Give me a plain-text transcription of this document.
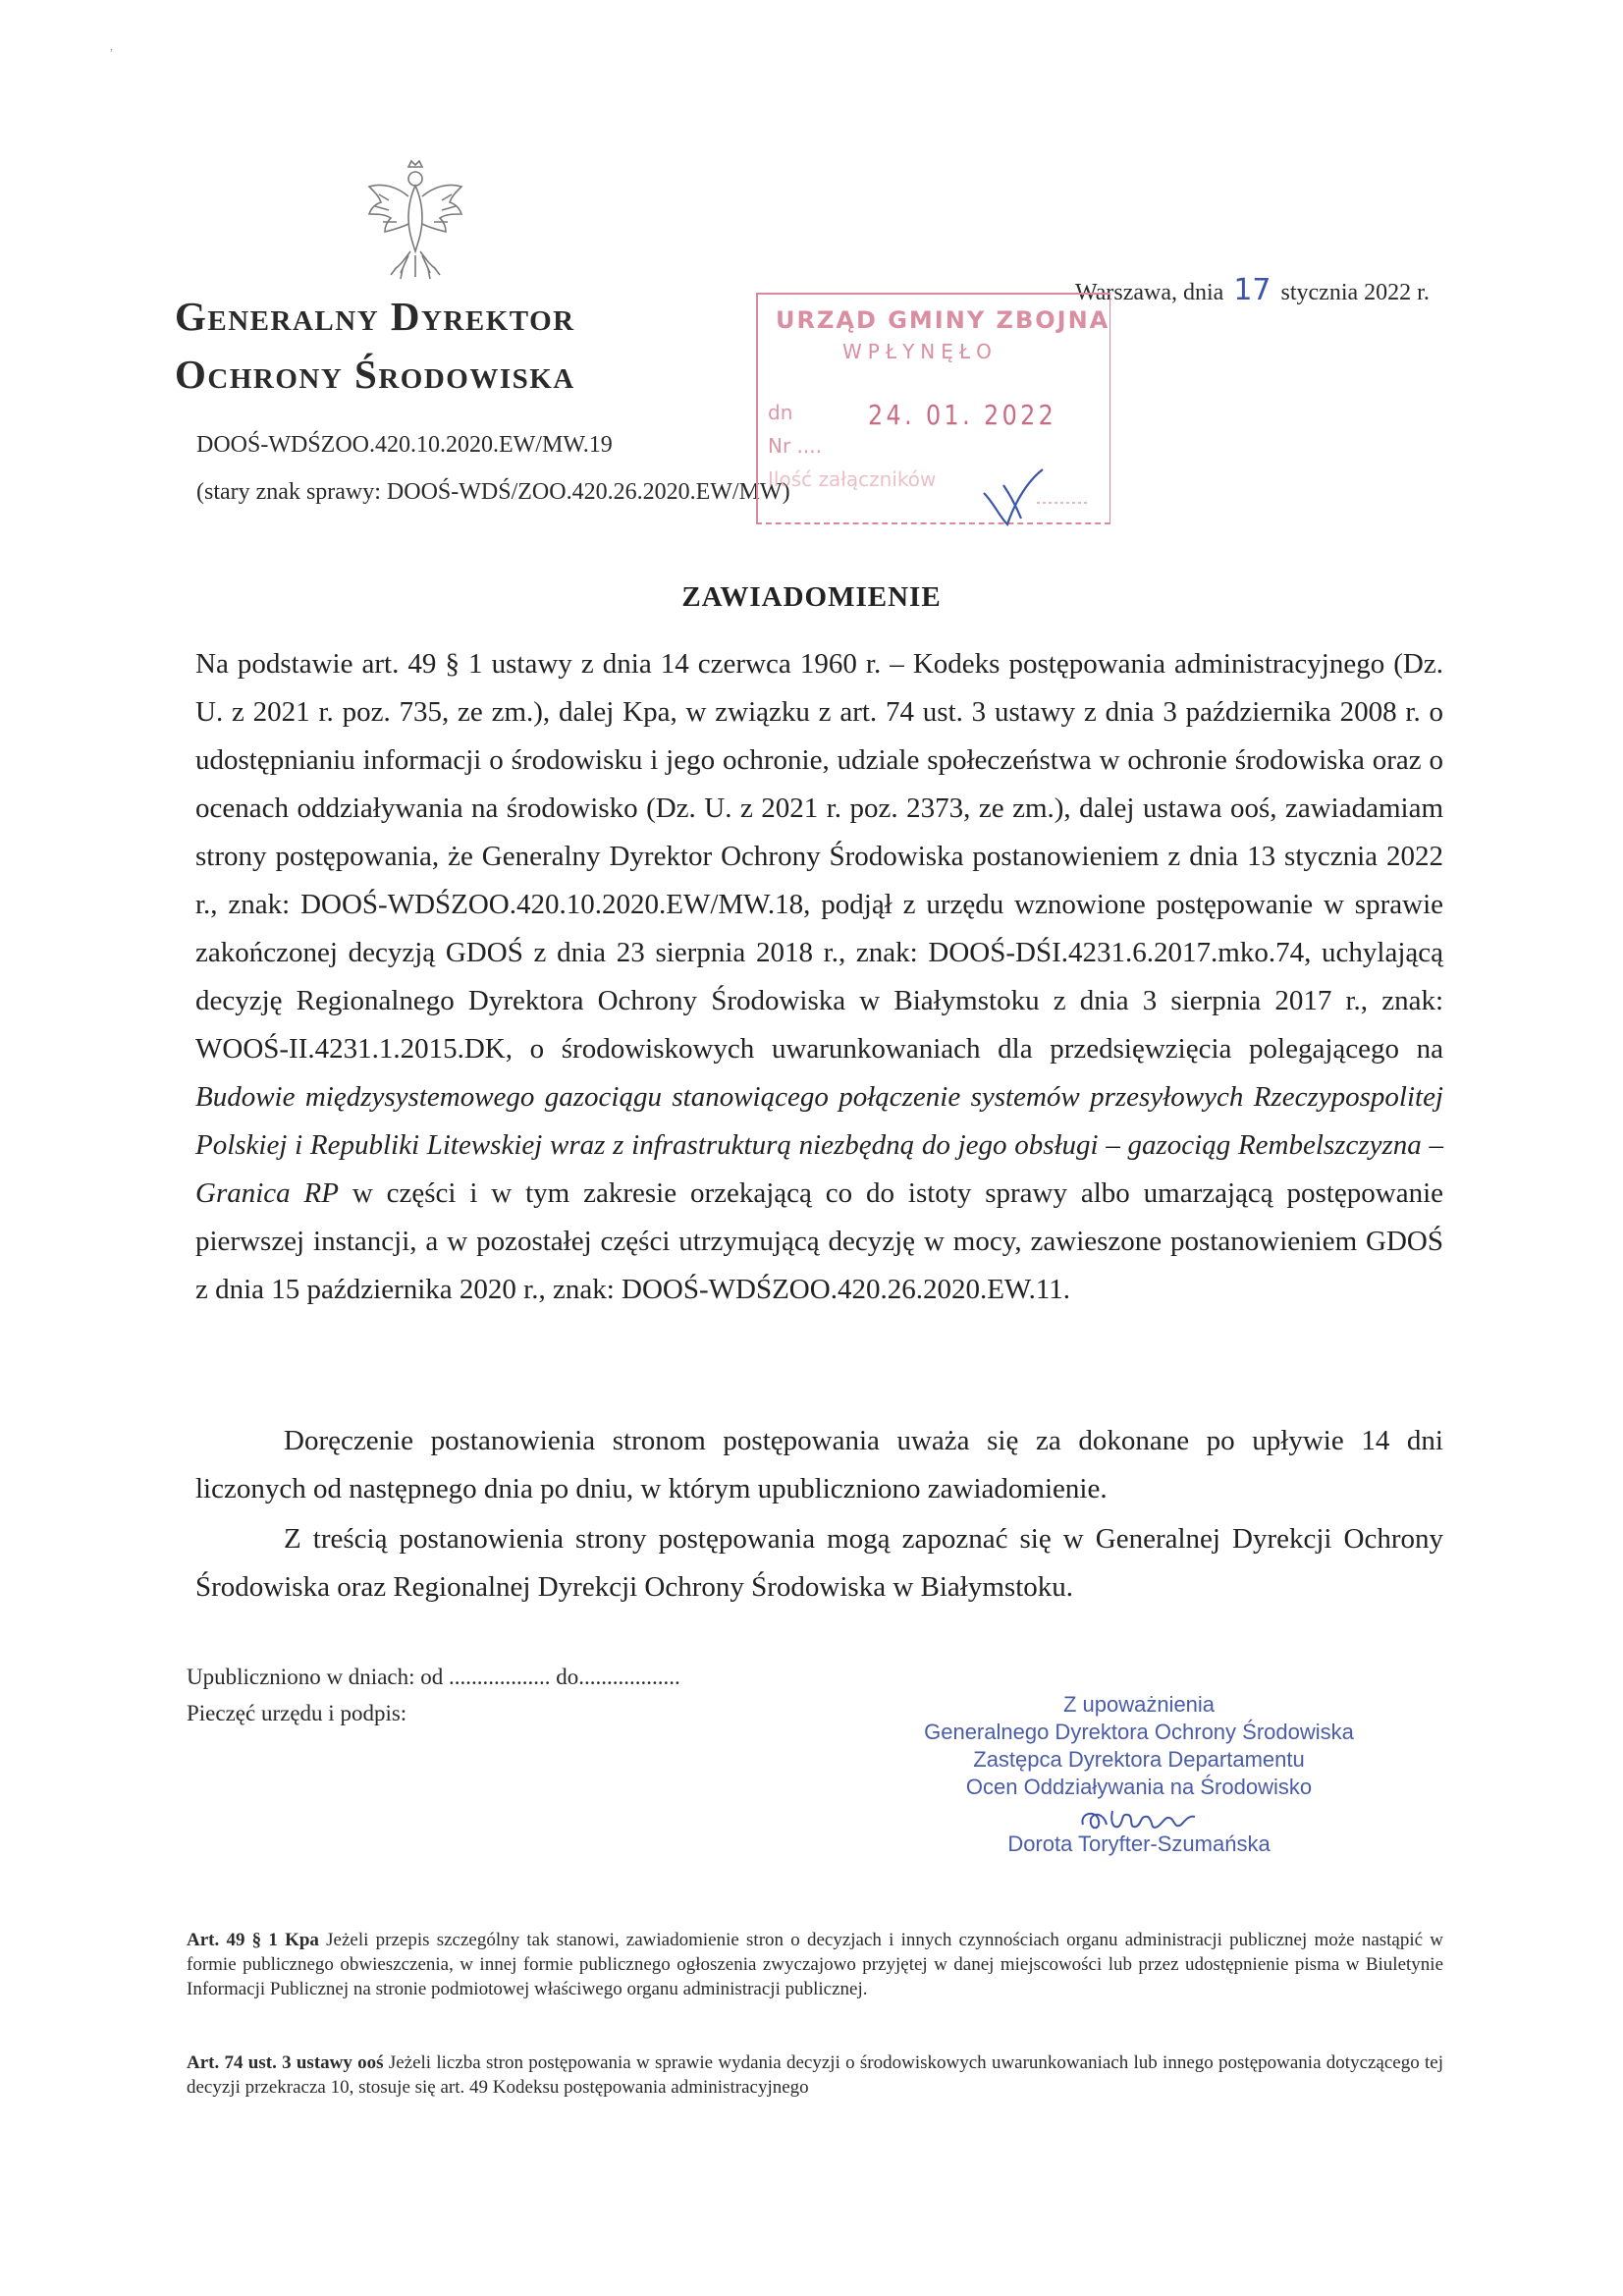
,
Generalny Dyrektor
Ochrony Środowiska
DOOŚ-WDŚZOO.420.10.2020.EW/MW.19
(stary znak sprawy: DOOŚ-WDŚ/ZOO.420.26.2020.EW/MW)
Warszawa, dnia 17 stycznia 2022 r.
URZĄD GMINY ZBOJNA
WPŁYNĘŁO
dn	24. 01. 2022
Nr ....
Ilość załączników
ZAWIADOMIENIE
Na podstawie art. 49 § 1 ustawy z dnia 14 czerwca 1960 r. – Kodeks postępowania administracyjnego (Dz. U. z 2021 r. poz. 735, ze zm.), dalej Kpa, w związku z art. 74 ust. 3 ustawy z dnia 3 października 2008 r. o udostępnianiu informacji o środowisku i jego ochronie, udziale społeczeństwa w ochronie środowiska oraz o ocenach oddziaływania na środowisko (Dz. U. z 2021 r. poz. 2373, ze zm.), dalej ustawa ooś, zawiadamiam strony postępowania, że Generalny Dyrektor Ochrony Środowiska postanowieniem z dnia 13 stycznia 2022 r., znak: DOOŚ-WDŚZOO.420.10.2020.EW/MW.18, podjął z urzędu wznowione postępowanie w sprawie zakończonej decyzją GDOŚ z dnia 23 sierpnia 2018 r., znak: DOOŚ-DŚI.4231.6.2017.mko.74, uchylającą decyzję Regionalnego Dyrektora Ochrony Środowiska w Białymstoku z dnia 3 sierpnia 2017 r., znak: WOOŚ-II.4231.1.2015.DK, o środowiskowych uwarunkowaniach dla przedsięwzięcia polegającego na Budowie międzysystemowego gazociągu stanowiącego połączenie systemów przesyłowych Rzeczypospolitej Polskiej i Republiki Litewskiej wraz z infrastrukturą niezbędną do jego obsługi – gazociąg Rembelszczyzna – Granica RP w części i w tym zakresie orzekającą co do istoty sprawy albo umarzającą postępowanie pierwszej instancji, a w pozostałej części utrzymującą decyzję w mocy, zawieszone postanowieniem GDOŚ z dnia 15 października 2020 r., znak: DOOŚ-WDŚZOO.420.26.2020.EW.11.
Doręczenie postanowienia stronom postępowania uważa się za dokonane po upływie 14 dni liczonych od następnego dnia po dniu, w którym upubliczniono zawiadomienie.
Z treścią postanowienia strony postępowania mogą zapoznać się w Generalnej Dyrekcji Ochrony Środowiska oraz Regionalnej Dyrekcji Ochrony Środowiska w Białymstoku.
Upubliczniono w dniach: od .................. do..................
Pieczęć urzędu i podpis:	Z upoważnienia
Generalnego Dyrektora Ochrony Środowiska
Zastępca Dyrektora Departamentu
Ocen Oddziaływania na Środowisko
Dorota Toryfter-Szumańska
Art. 49 § 1 Kpa Jeżeli przepis szczególny tak stanowi, zawiadomienie stron o decyzjach i innych czynnościach organu administracji publicznej może nastąpić w formie publicznego obwieszczenia, w innej formie publicznego ogłoszenia zwyczajowo przyjętej w danej miejscowości lub przez udostępnienie pisma w Biuletynie Informacji Publicznej na stronie podmiotowej właściwego organu administracji publicznej.
Art. 74 ust. 3 ustawy ooś Jeżeli liczba stron postępowania w sprawie wydania decyzji o środowiskowych uwarunkowaniach lub innego postępowania dotyczącego tej decyzji przekracza 10, stosuje się art. 49 Kodeksu postępowania administracyjnego
